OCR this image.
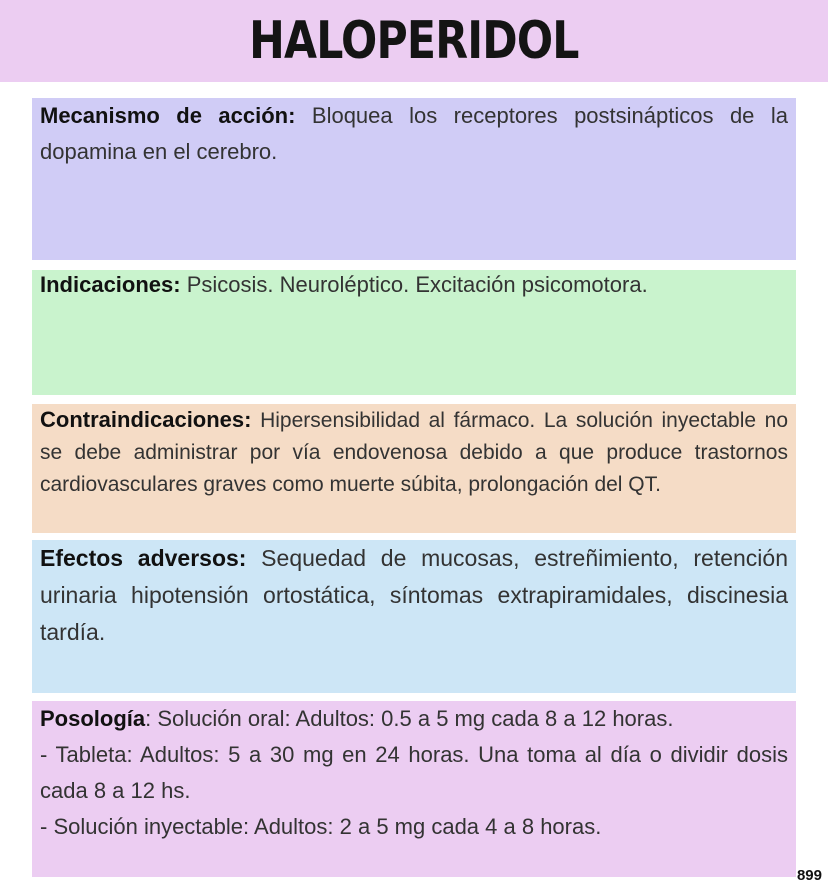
HALOPERIDOL

Mecanismo de acción: Bloquea los receptores postsinápticos de la dopamina en el cerebro.

Indicaciones: Psicosis. Neuroléptico. Excitación psicomotora.

Contraindicaciones: Hipersensibilidad al fármaco. La solución inyectable no se debe administrar por vía endovenosa debido a que produce trastornos cardiovasculares graves como muerte súbita, prolongación del QT.

Efectos adversos: Sequedad de mucosas, estreñimiento, retención urinaria hipotensión ortostática, síntomas extrapiramidales, discinesia tardía.

Posología: Solución oral: Adultos: 0.5 a 5 mg cada 8 a 12 horas.

- Tableta: Adultos: 5 a 30 mg en 24 horas. Una toma al día o dividir dosis cada 8 a 12 hs.

- Solución inyectable: Adultos: 2 a 5 mg cada 4 a 8 horas.

899
